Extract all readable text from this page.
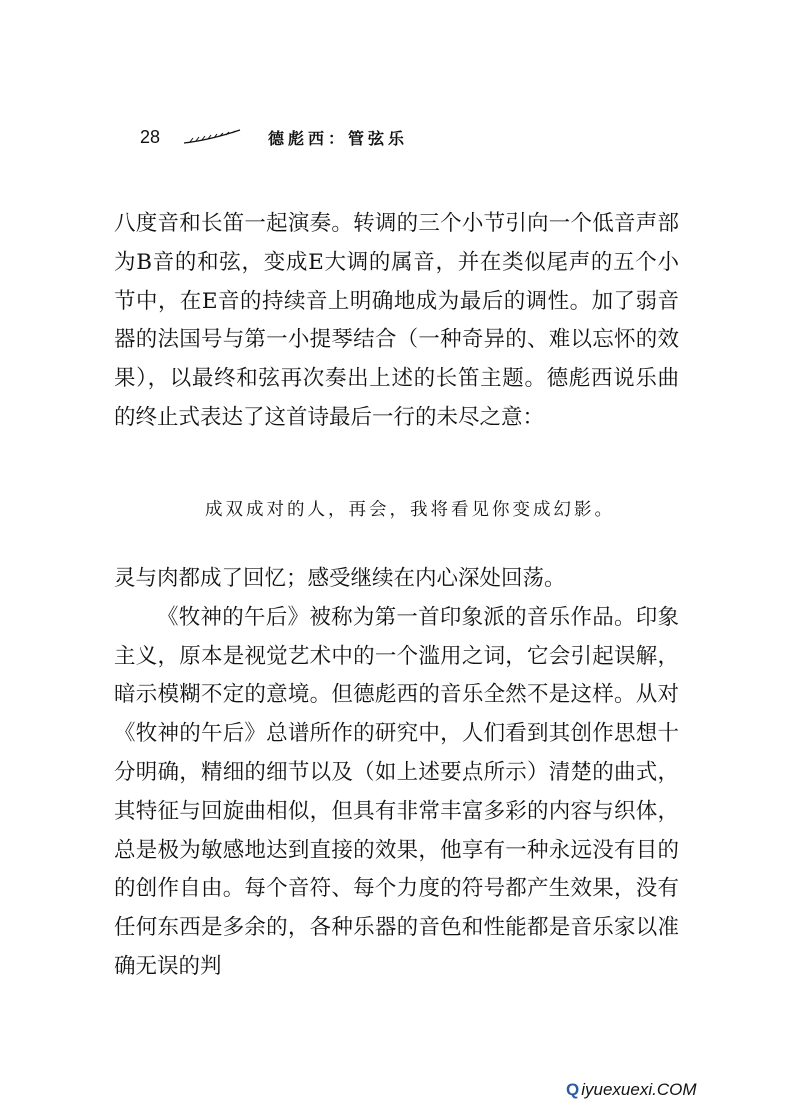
28	德彪西：管弦乐

八度音和长笛一起演奏。转调的三个小节引向一个低音声部为B音的和弦，变成E大调的属音，并在类似尾声的五个小节中，在E音的持续音上明确地成为最后的调性。加了弱音器的法国号与第一小提琴结合（一种奇异的、难以忘怀的效果），以最终和弦再次奏出上述的长笛主题。德彪西说乐曲的终止式表达了这首诗最后一行的未尽之意：

成双成对的人，再会，我将看见你变成幻影。

灵与肉都成了回忆；感受继续在内心深处回荡。

《牧神的午后》被称为第一首印象派的音乐作品。印象主义，原本是视觉艺术中的一个滥用之词，它会引起误解，暗示模糊不定的意境。但德彪西的音乐全然不是这样。从对《牧神的午后》总谱所作的研究中，人们看到其创作思想十分明确，精细的细节以及（如上述要点所示）清楚的曲式，其特征与回旋曲相似，但具有非常丰富多彩的内容与织体，总是极为敏感地达到直接的效果，他享有一种永远没有目的的创作自由。每个音符、每个力度的符号都产生效果，没有任何东西是多余的，各种乐器的音色和性能都是音乐家以准确无误的判

Q iyuexuexi.COM
